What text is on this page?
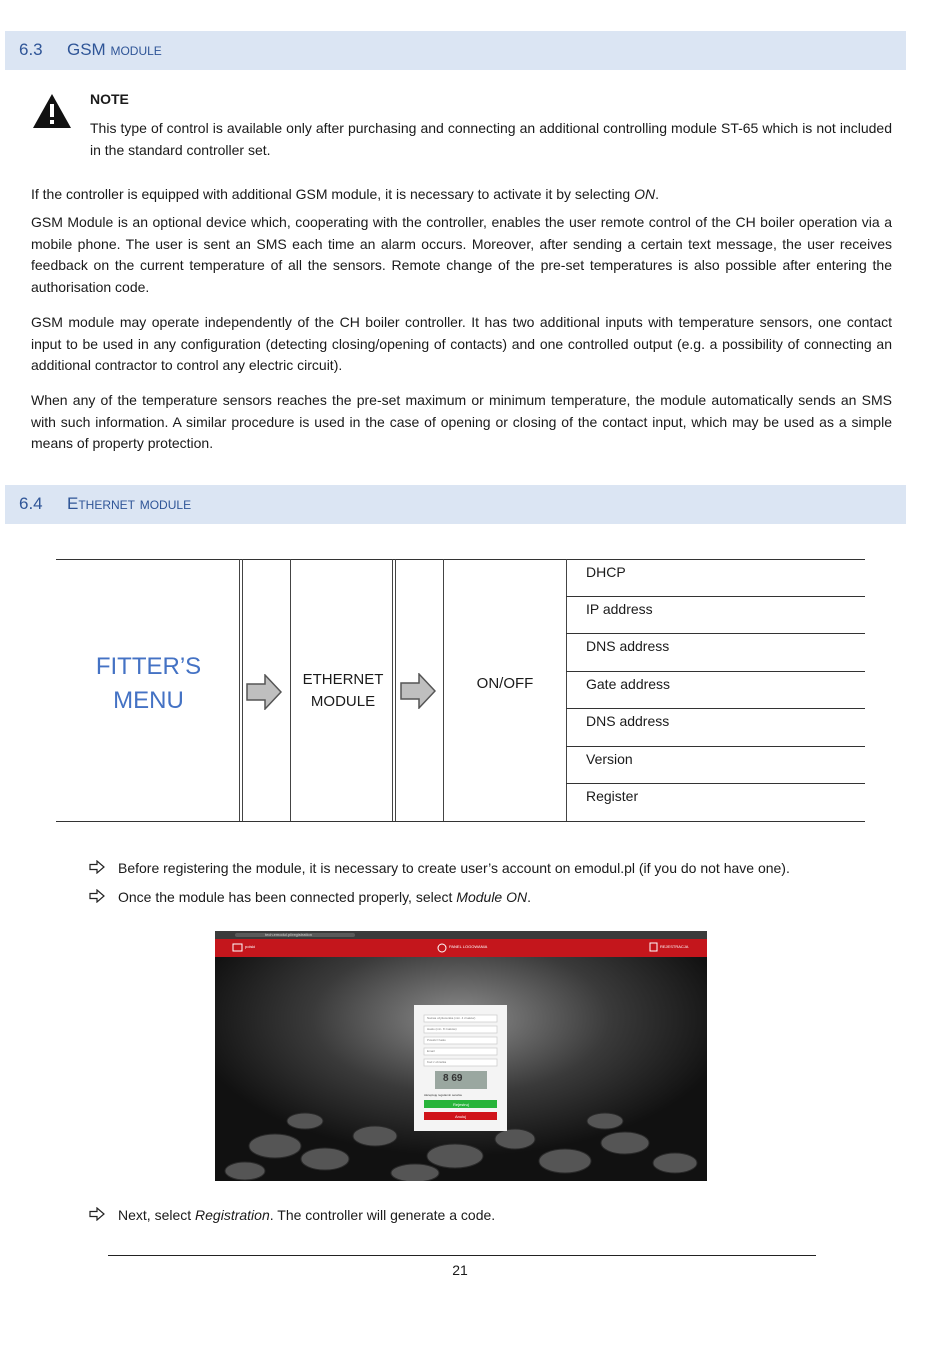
6.3 GSM module
NOTE
This type of control is available only after purchasing and connecting an additional controlling module ST-65 which is not included in the standard controller set.
If the controller is equipped with additional GSM module, it is necessary to activate it by selecting ON.
GSM Module is an optional device which, cooperating with the controller, enables the user remote control of the CH boiler operation via a mobile phone. The user is sent an SMS each time an alarm occurs. Moreover, after sending a certain text message, the user receives feedback on the current temperature of all the sensors. Remote change of the pre-set temperatures is also possible after entering the authorisation code.
GSM module may operate independently of the CH boiler controller. It has two additional inputs with temperature sensors, one contact input to be used in any configuration (detecting closing/opening of contacts) and one controlled output (e.g. a possibility of connecting an additional contractor to control any electric circuit).
When any of the temperature sensors reaches the pre-set maximum or minimum temperature, the module automatically sends an SMS with such information. A similar procedure is used in the case of opening or closing of the contact input, which may be used as a simple means of property protection.
6.4 Ethernet module
FITTER’S
MENU
ETHERNET
MODULE
ON/OFF
DHCP
IP address
DNS address
Gate address
DNS address
Version
Register
Before registering the module, it is necessary to create user’s account on emodul.pl (if you do not have one).
Once the module has been connected properly, select Module ON.
tech.emodul.pl/registration
polski	PANEL LOGOWANIA	REJESTRACJA
Nazwa użytkownika (min. 4 znaków)
Hasło (min. 8 znaków)
Powtórz hasło
Email
Kod z obrazka
8 69
Akceptuję regulamin serwisu
Rejestruj
Anuluj
Next, select Registration. The controller will generate a code.
21
